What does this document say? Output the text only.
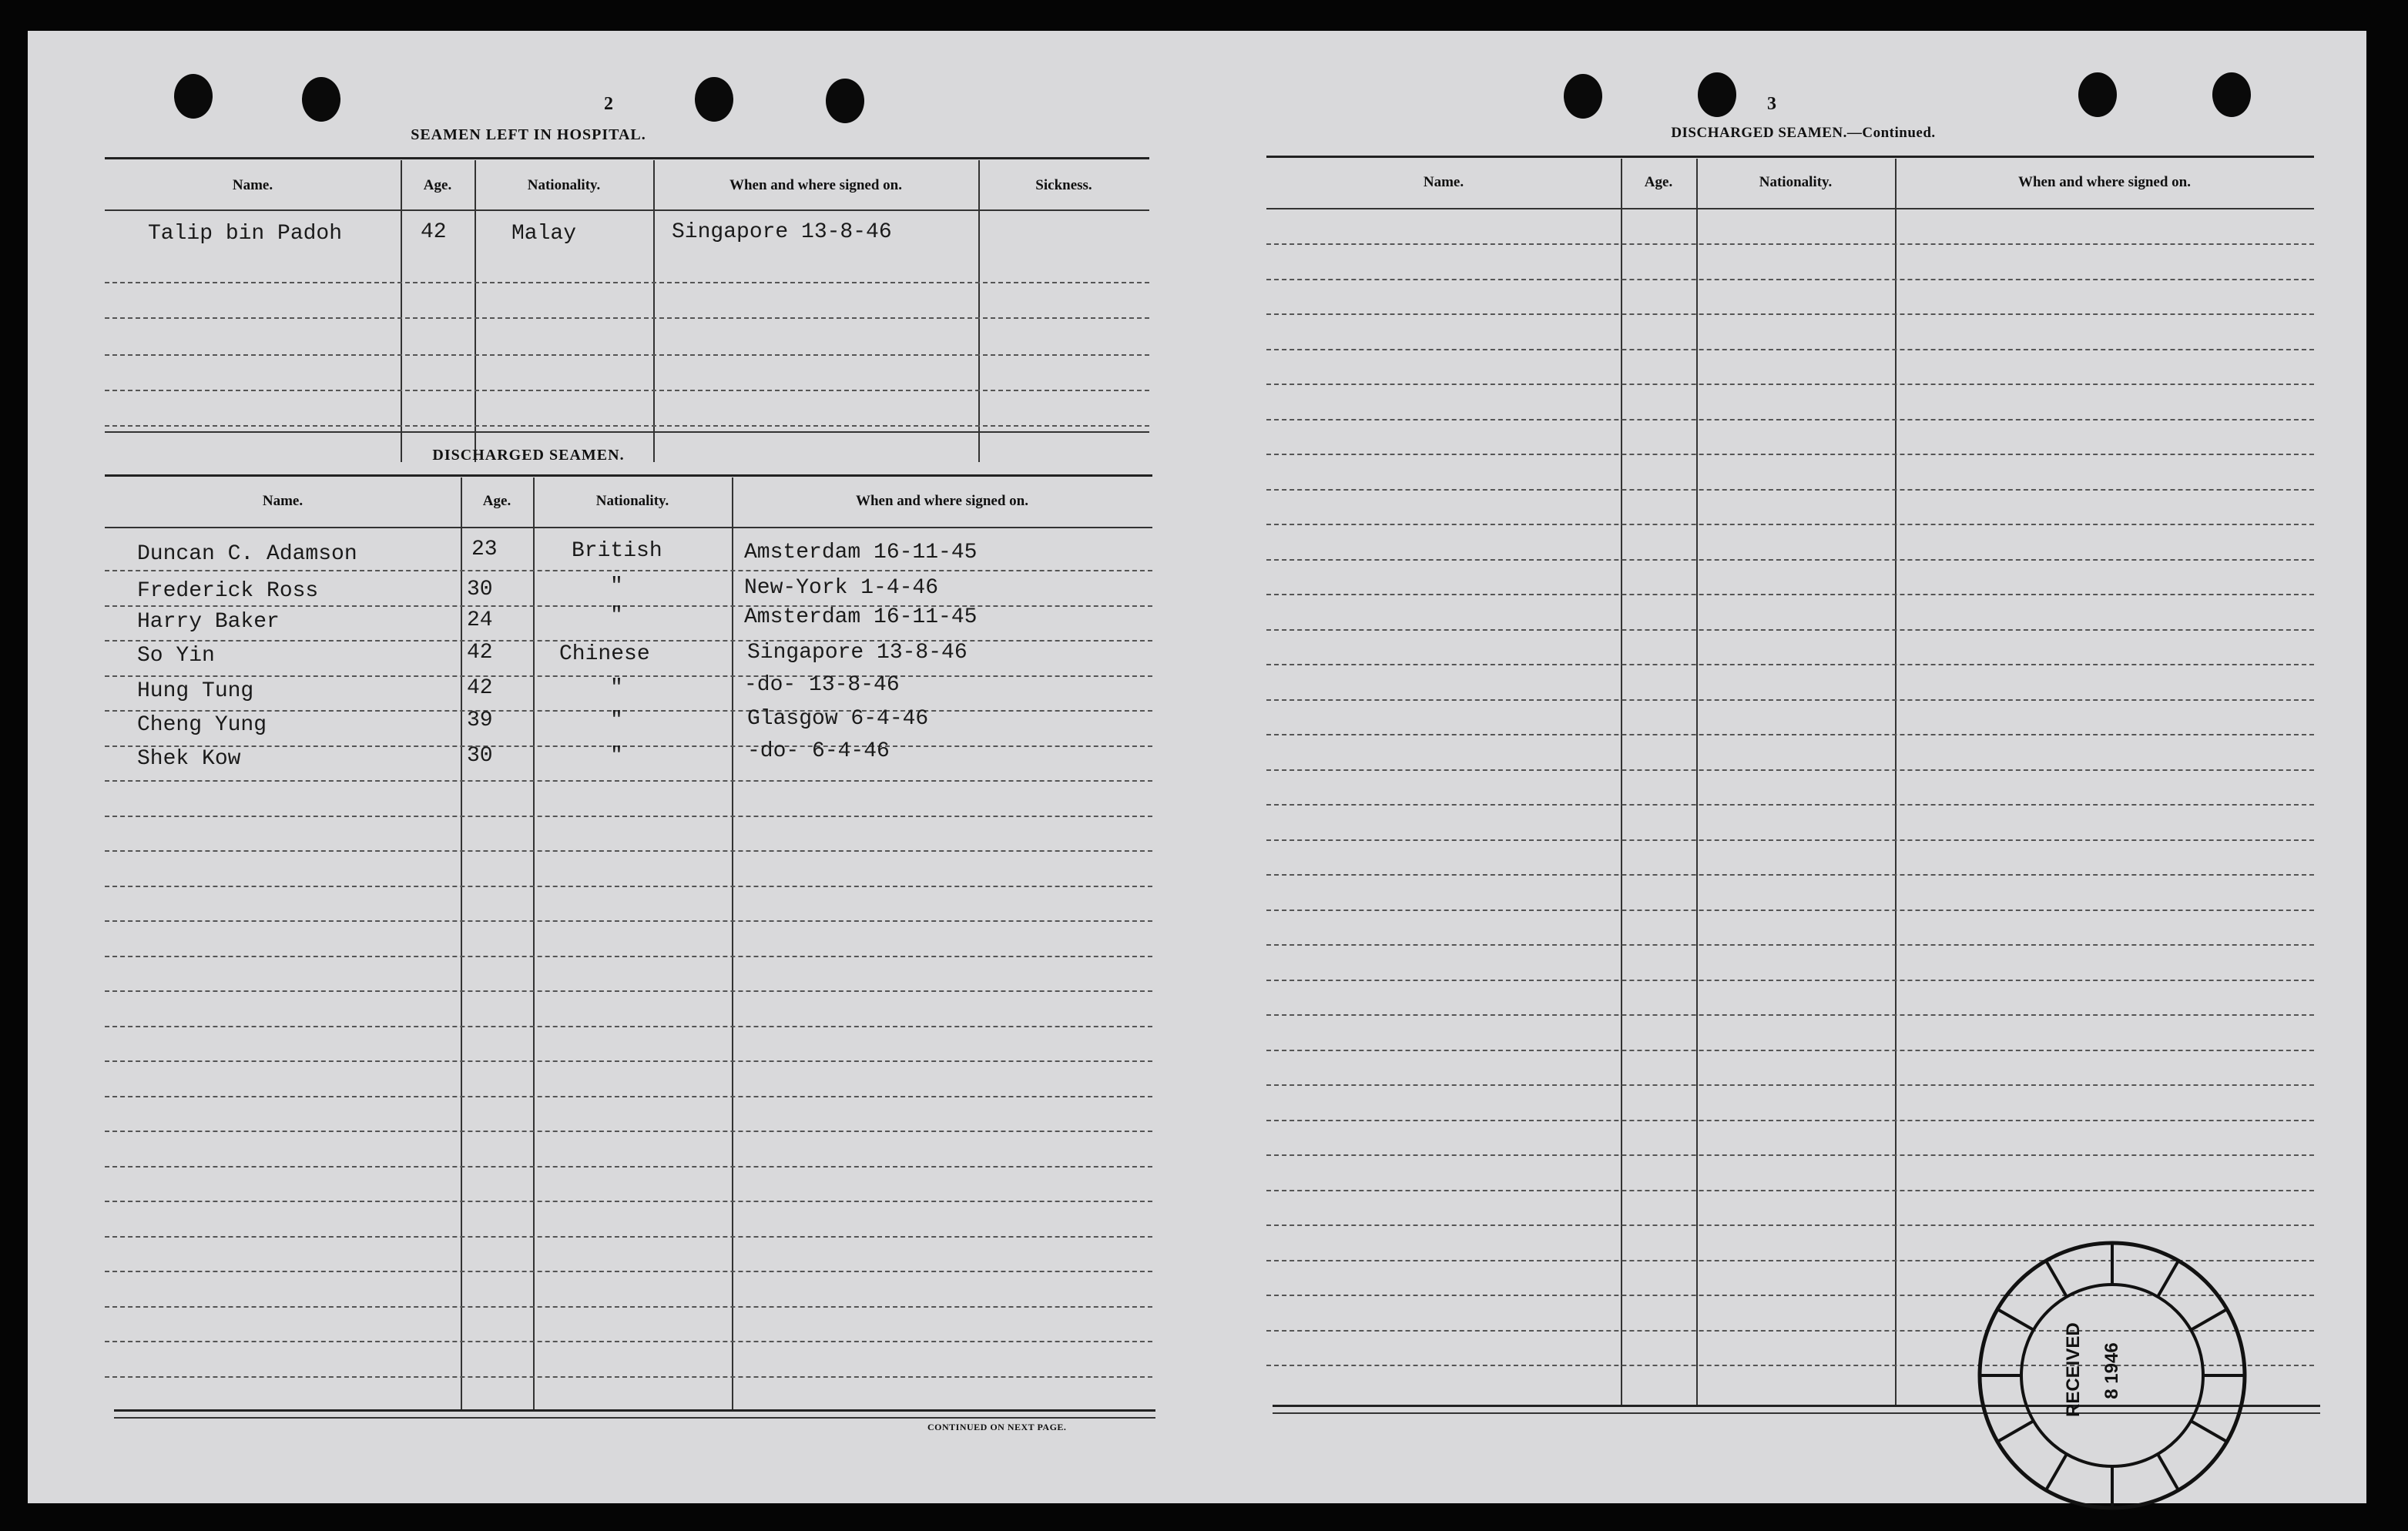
2
SEAMEN LEFT IN HOSPITAL.
Name.	Age.	Nationality.	When and where signed on.	Sickness.
Talip bin Padoh	42	Malay	Singapore 13-8-46
DISCHARGED SEAMEN.
Name.	Age.	Nationality.	When and where signed on.
Duncan C. Adamson	23	British	Amsterdam 16-11-45
Frederick Ross	30	"	New-York 1-4-46
Harry Baker	24	"	Amsterdam 16-11-45
So Yin	42	Chinese	Singapore 13-8-46
Hung Tung	42	"	-do- 13-8-46
Cheng Yung	39	"	Glasgow 6-4-46
Shek Kow	30	"	-do- 6-4-46
CONTINUED ON NEXT PAGE.
3
DISCHARGED SEAMEN.—Continued.
Name.	Age.	Nationality.	When and where signed on.
RECEIVED 8 1946
